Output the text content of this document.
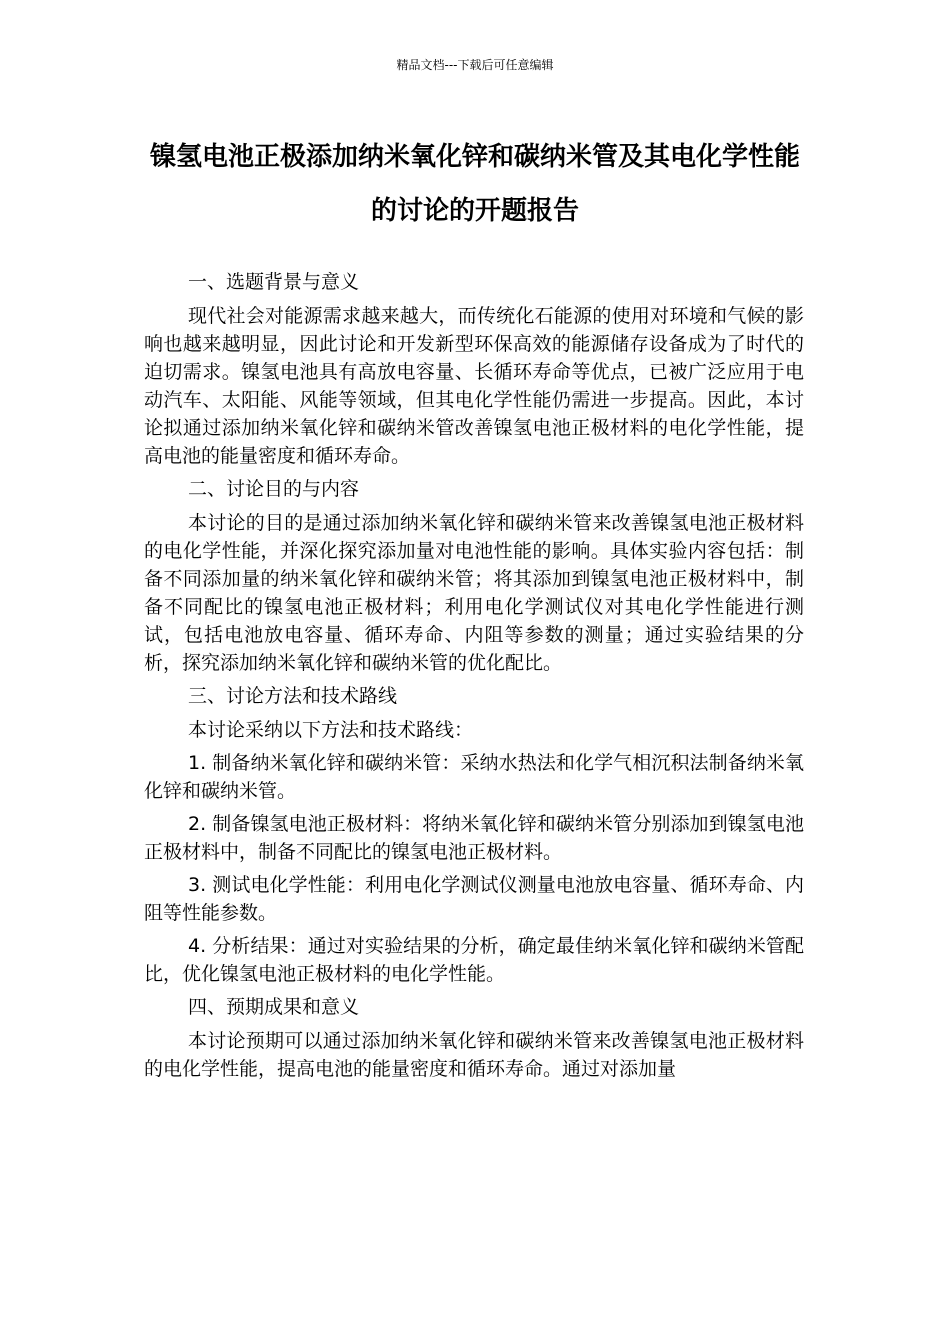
精品文档---下载后可任意编辑
镍氢电池正极添加纳米氧化锌和碳纳米管及其电化学性能的讨论的开题报告

一、选题背景与意义

现代社会对能源需求越来越大，而传统化石能源的使用对环境和气候的影响也越来越明显，因此讨论和开发新型环保高效的能源储存设备成为了时代的迫切需求。镍氢电池具有高放电容量、长循环寿命等优点，已被广泛应用于电动汽车、太阳能、风能等领域，但其电化学性能仍需进一步提高。因此，本讨论拟通过添加纳米氧化锌和碳纳米管改善镍氢电池正极材料的电化学性能，提高电池的能量密度和循环寿命。

二、讨论目的与内容

本讨论的目的是通过添加纳米氧化锌和碳纳米管来改善镍氢电池正极材料的电化学性能，并深化探究添加量对电池性能的影响。具体实验内容包括：制备不同添加量的纳米氧化锌和碳纳米管；将其添加到镍氢电池正极材料中，制备不同配比的镍氢电池正极材料；利用电化学测试仪对其电化学性能进行测试，包括电池放电容量、循环寿命、内阻等参数的测量；通过实验结果的分析，探究添加纳米氧化锌和碳纳米管的优化配比。

三、讨论方法和技术路线

本讨论采纳以下方法和技术路线：

1. 制备纳米氧化锌和碳纳米管：采纳水热法和化学气相沉积法制备纳米氧化锌和碳纳米管。

2. 制备镍氢电池正极材料：将纳米氧化锌和碳纳米管分别添加到镍氢电池正极材料中，制备不同配比的镍氢电池正极材料。

3. 测试电化学性能：利用电化学测试仪测量电池放电容量、循环寿命、内阻等性能参数。

4. 分析结果：通过对实验结果的分析，确定最佳纳米氧化锌和碳纳米管配比，优化镍氢电池正极材料的电化学性能。

四、预期成果和意义

本讨论预期可以通过添加纳米氧化锌和碳纳米管来改善镍氢电池正极材料的电化学性能，提高电池的能量密度和循环寿命。通过对添加量
